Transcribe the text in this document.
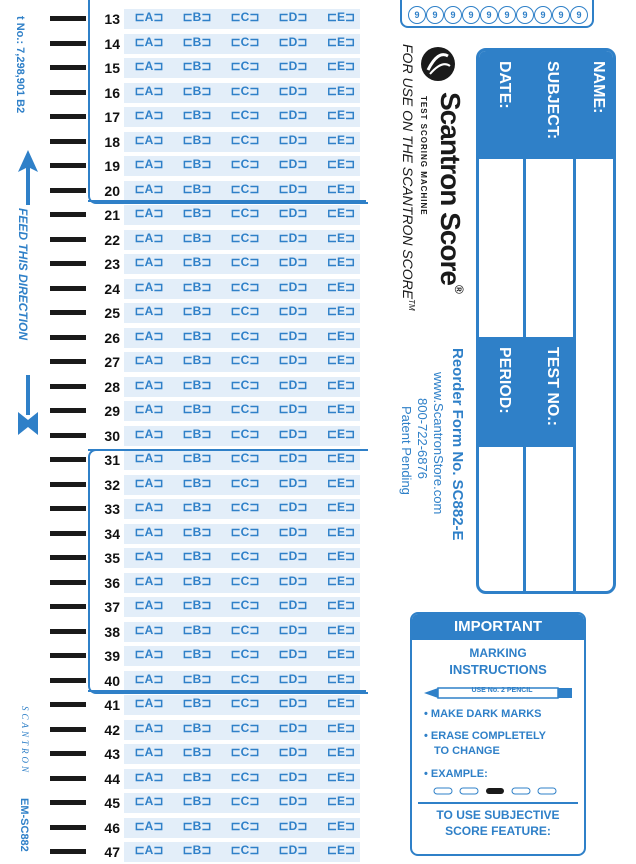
t No.: 7,298,901 B2
FEED THIS DIRECTION
SCANTRON
EM-SC882
13	⊏A⊐	⊏B⊐	⊏C⊐	⊏D⊐	⊏E⊐
14	⊏A⊐	⊏B⊐	⊏C⊐	⊏D⊐	⊏E⊐
15	⊏A⊐	⊏B⊐	⊏C⊐	⊏D⊐	⊏E⊐
16	⊏A⊐	⊏B⊐	⊏C⊐	⊏D⊐	⊏E⊐
17	⊏A⊐	⊏B⊐	⊏C⊐	⊏D⊐	⊏E⊐
18	⊏A⊐	⊏B⊐	⊏C⊐	⊏D⊐	⊏E⊐
19	⊏A⊐	⊏B⊐	⊏C⊐	⊏D⊐	⊏E⊐
20	⊏A⊐	⊏B⊐	⊏C⊐	⊏D⊐	⊏E⊐
21	⊏A⊐	⊏B⊐	⊏C⊐	⊏D⊐	⊏E⊐
22	⊏A⊐	⊏B⊐	⊏C⊐	⊏D⊐	⊏E⊐
23	⊏A⊐	⊏B⊐	⊏C⊐	⊏D⊐	⊏E⊐
24	⊏A⊐	⊏B⊐	⊏C⊐	⊏D⊐	⊏E⊐
25	⊏A⊐	⊏B⊐	⊏C⊐	⊏D⊐	⊏E⊐
26	⊏A⊐	⊏B⊐	⊏C⊐	⊏D⊐	⊏E⊐
27	⊏A⊐	⊏B⊐	⊏C⊐	⊏D⊐	⊏E⊐
28	⊏A⊐	⊏B⊐	⊏C⊐	⊏D⊐	⊏E⊐
29	⊏A⊐	⊏B⊐	⊏C⊐	⊏D⊐	⊏E⊐
30	⊏A⊐	⊏B⊐	⊏C⊐	⊏D⊐	⊏E⊐
31	⊏A⊐	⊏B⊐	⊏C⊐	⊏D⊐	⊏E⊐
32	⊏A⊐	⊏B⊐	⊏C⊐	⊏D⊐	⊏E⊐
33	⊏A⊐	⊏B⊐	⊏C⊐	⊏D⊐	⊏E⊐
34	⊏A⊐	⊏B⊐	⊏C⊐	⊏D⊐	⊏E⊐
35	⊏A⊐	⊏B⊐	⊏C⊐	⊏D⊐	⊏E⊐
36	⊏A⊐	⊏B⊐	⊏C⊐	⊏D⊐	⊏E⊐
37	⊏A⊐	⊏B⊐	⊏C⊐	⊏D⊐	⊏E⊐
38	⊏A⊐	⊏B⊐	⊏C⊐	⊏D⊐	⊏E⊐
39	⊏A⊐	⊏B⊐	⊏C⊐	⊏D⊐	⊏E⊐
40	⊏A⊐	⊏B⊐	⊏C⊐	⊏D⊐	⊏E⊐
41	⊏A⊐	⊏B⊐	⊏C⊐	⊏D⊐	⊏E⊐
42	⊏A⊐	⊏B⊐	⊏C⊐	⊏D⊐	⊏E⊐
43	⊏A⊐	⊏B⊐	⊏C⊐	⊏D⊐	⊏E⊐
44	⊏A⊐	⊏B⊐	⊏C⊐	⊏D⊐	⊏E⊐
45	⊏A⊐	⊏B⊐	⊏C⊐	⊏D⊐	⊏E⊐
46	⊏A⊐	⊏B⊐	⊏C⊐	⊏D⊐	⊏E⊐
47	⊏A⊐	⊏B⊐	⊏C⊐	⊏D⊐	⊏E⊐
9	9	9	9	9	9	9	9	9	9
Scantron Score®
TEST SCORING MACHINE
FOR USE ON THE SCANTRON SCORE™
Reorder Form No. SC882-E
www.ScantronStore.com
800-722-6876
Patent Pending
NAME:
SUBJECT:
TEST NO.:
DATE:
PERIOD:
IMPORTANT
MARKING
INSTRUCTIONS
USE No. 2 PENCIL
• MAKE DARK MARKS
• ERASE COMPLETELY
TO CHANGE
• EXAMPLE:
TO USE SUBJECTIVE
SCORE FEATURE:
